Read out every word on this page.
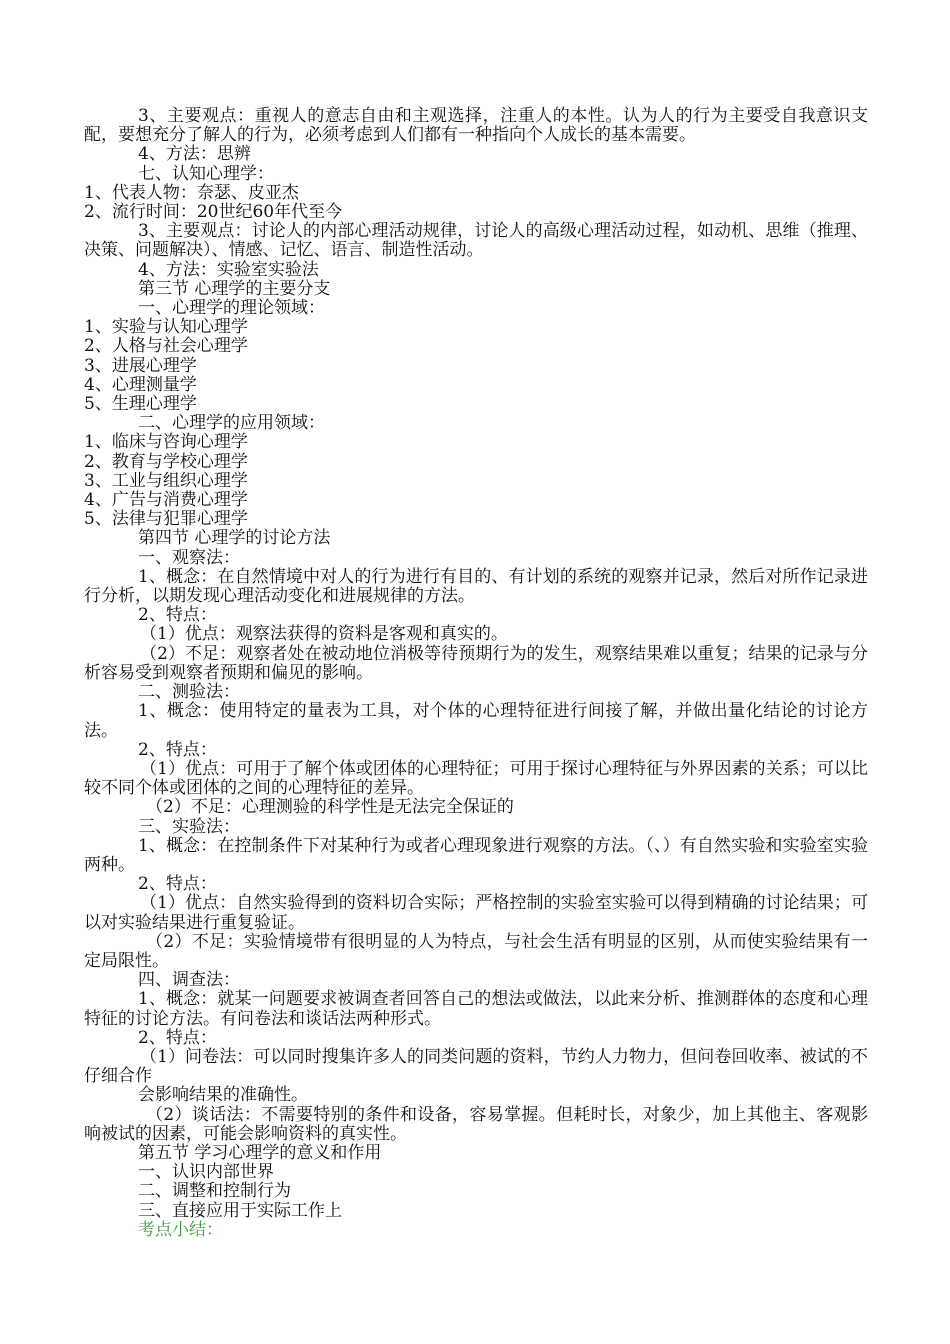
3、主要观点：重视人的意志自由和主观选择，注重人的本性。认为人的行为主要受自我意识支配，要想充分了解人的行为，必须考虑到人们都有一种指向个人成长的基本需要。

4、方法：思辨

七、认知心理学：

1、代表人物：奈瑟、皮亚杰

2、流行时间：20世纪60年代至今

3、主要观点：讨论人的内部心理活动规律，讨论人的高级心理活动过程，如动机、思维（推理、决策、问题解决）、情感、记忆、语言、制造性活动。

4、方法：实验室实验法

第三节 心理学的主要分支

一、心理学的理论领域：

1、实验与认知心理学

2、人格与社会心理学

3、进展心理学

4、心理测量学

5、生理心理学

二、心理学的应用领域：

1、临床与咨询心理学

2、教育与学校心理学

3、工业与组织心理学

4、广告与消费心理学

5、法律与犯罪心理学

第四节 心理学的讨论方法

一、观察法：

1、概念：在自然情境中对人的行为进行有目的、有计划的系统的观察并记录，然后对所作记录进行分析，以期发现心理活动变化和进展规律的方法。

2、特点：

（1）优点：观察法获得的资料是客观和真实的。

（2）不足：观察者处在被动地位消极等待预期行为的发生，观察结果难以重复；结果的记录与分析容易受到观察者预期和偏见的影响。

二、测验法：

1、概念：使用特定的量表为工具，对个体的心理特征进行间接了解，并做出量化结论的讨论方法。

2、特点：

（1）优点：可用于了解个体或团体的心理特征；可用于探讨心理特征与外界因素的关系；可以比较不同个体或团体的之间的心理特征的差异。

（2）不足：心理测验的科学性是无法完全保证的

三、实验法：

1、概念：在控制条件下对某种行为或者心理现象进行观察的方法。（、）有自然实验和实验室实验两种。

2、特点：

（1）优点：自然实验得到的资料切合实际；严格控制的实验室实验可以得到精确的讨论结果；可以对实验结果进行重复验证。

（2）不足：实验情境带有很明显的人为特点，与社会生活有明显的区别，从而使实验结果有一定局限性。

四、调查法：

1、概念：就某一问题要求被调查者回答自己的想法或做法，以此来分析、推测群体的态度和心理特征的讨论方法。有问卷法和谈话法两种形式。

2、特点：

（1）问卷法：可以同时搜集许多人的同类问题的资料，节约人力物力，但问卷回收率、被试的不仔细合作

会影响结果的准确性。

（2）谈话法：不需要特别的条件和设备，容易掌握。但耗时长，对象少，加上其他主、客观影响被试的因素，可能会影响资料的真实性。

第五节 学习心理学的意义和作用

一、认识内部世界

二、调整和控制行为

三、直接应用于实际工作上

考点小结：
